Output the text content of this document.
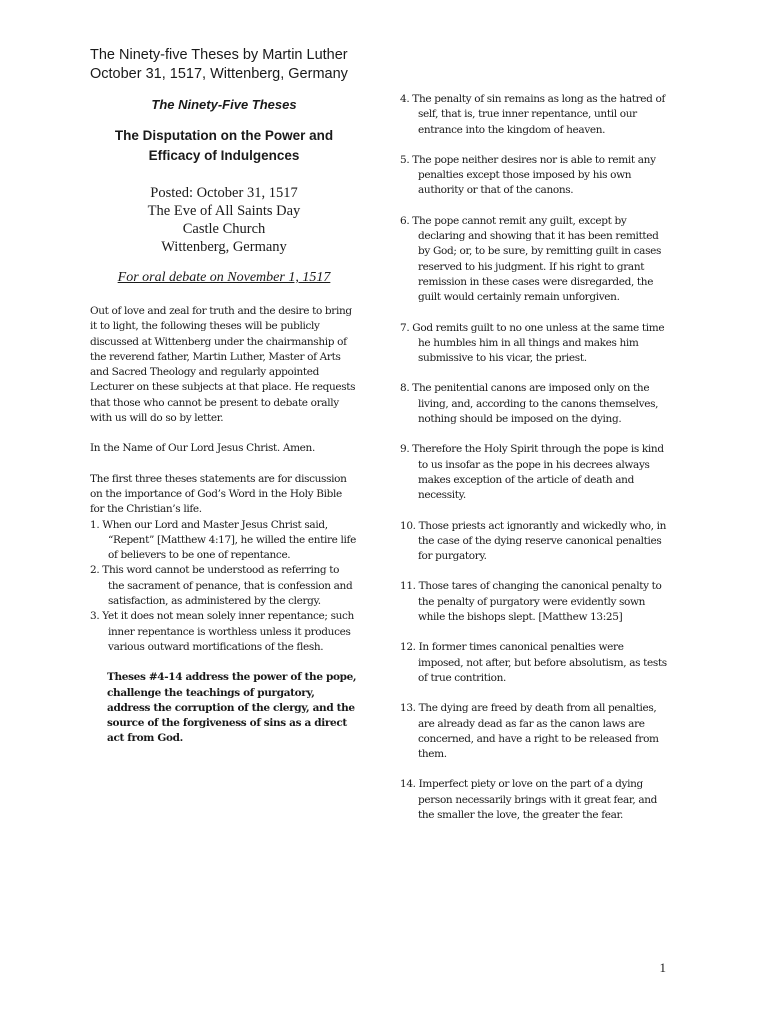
The Ninety-five Theses by Martin Luther

October 31, 1517, Wittenberg, Germany

The Ninety-Five Theses

The Disputation on the Power and
Efficacy of Indulgences

Posted: October 31, 1517
The Eve of All Saints Day
Castle Church
Wittenberg, Germany

For oral debate on November 1, 1517

Out of love and zeal for truth and the desire to bring it to light, the following theses will be publicly discussed at Wittenberg under the chairmanship of the reverend father, Martin Luther, Master of Arts and Sacred Theology and regularly appointed Lecturer on these subjects at that place. He requests that those who cannot be present to debate orally with us will do so by letter.

In the Name of Our Lord Jesus Christ. Amen.

The first three theses statements are for discussion on the importance of God’s Word in the Holy Bible for the Christian’s life.

1. When our Lord and Master Jesus Christ said, “Repent” [Matthew 4:17], he willed the entire life of believers to be one of repentance.

2. This word cannot be understood as referring to the sacrament of penance, that is confession and satisfaction, as administered by the clergy.

3. Yet it does not mean solely inner repentance; such inner repentance is worthless unless it produces various outward mortifications of the flesh.

Theses #4-14 address the power of the pope, challenge the teachings of purgatory, address the corruption of the clergy, and the source of the forgiveness of sins as a direct act from God.

4. The penalty of sin remains as long as the hatred of self, that is, true inner repentance, until our entrance into the kingdom of heaven.

5. The pope neither desires nor is able to remit any penalties except those imposed by his own authority or that of the canons.

6. The pope cannot remit any guilt, except by declaring and showing that it has been remitted by God; or, to be sure, by remitting guilt in cases reserved to his judgment. If his right to grant remission in these cases were disregarded, the guilt would certainly remain unforgiven.

7. God remits guilt to no one unless at the same time he humbles him in all things and makes him submissive to his vicar, the priest.

8. The penitential canons are imposed only on the living, and, according to the canons themselves, nothing should be imposed on the dying.

9. Therefore the Holy Spirit through the pope is kind to us insofar as the pope in his decrees always makes exception of the article of death and necessity.

10. Those priests act ignorantly and wickedly who, in the case of the dying reserve canonical penalties for purgatory.

11. Those tares of changing the canonical penalty to the penalty of purgatory were evidently sown while the bishops slept. [Matthew 13:25]

12. In former times canonical penalties were imposed, not after, but before absolutism, as tests of true contrition.

13. The dying are freed by death from all penalties, are already dead as far as the canon laws are concerned, and have a right to be released from them.

14. Imperfect piety or love on the part of a dying person necessarily brings with it great fear, and the smaller the love, the greater the fear.

1
